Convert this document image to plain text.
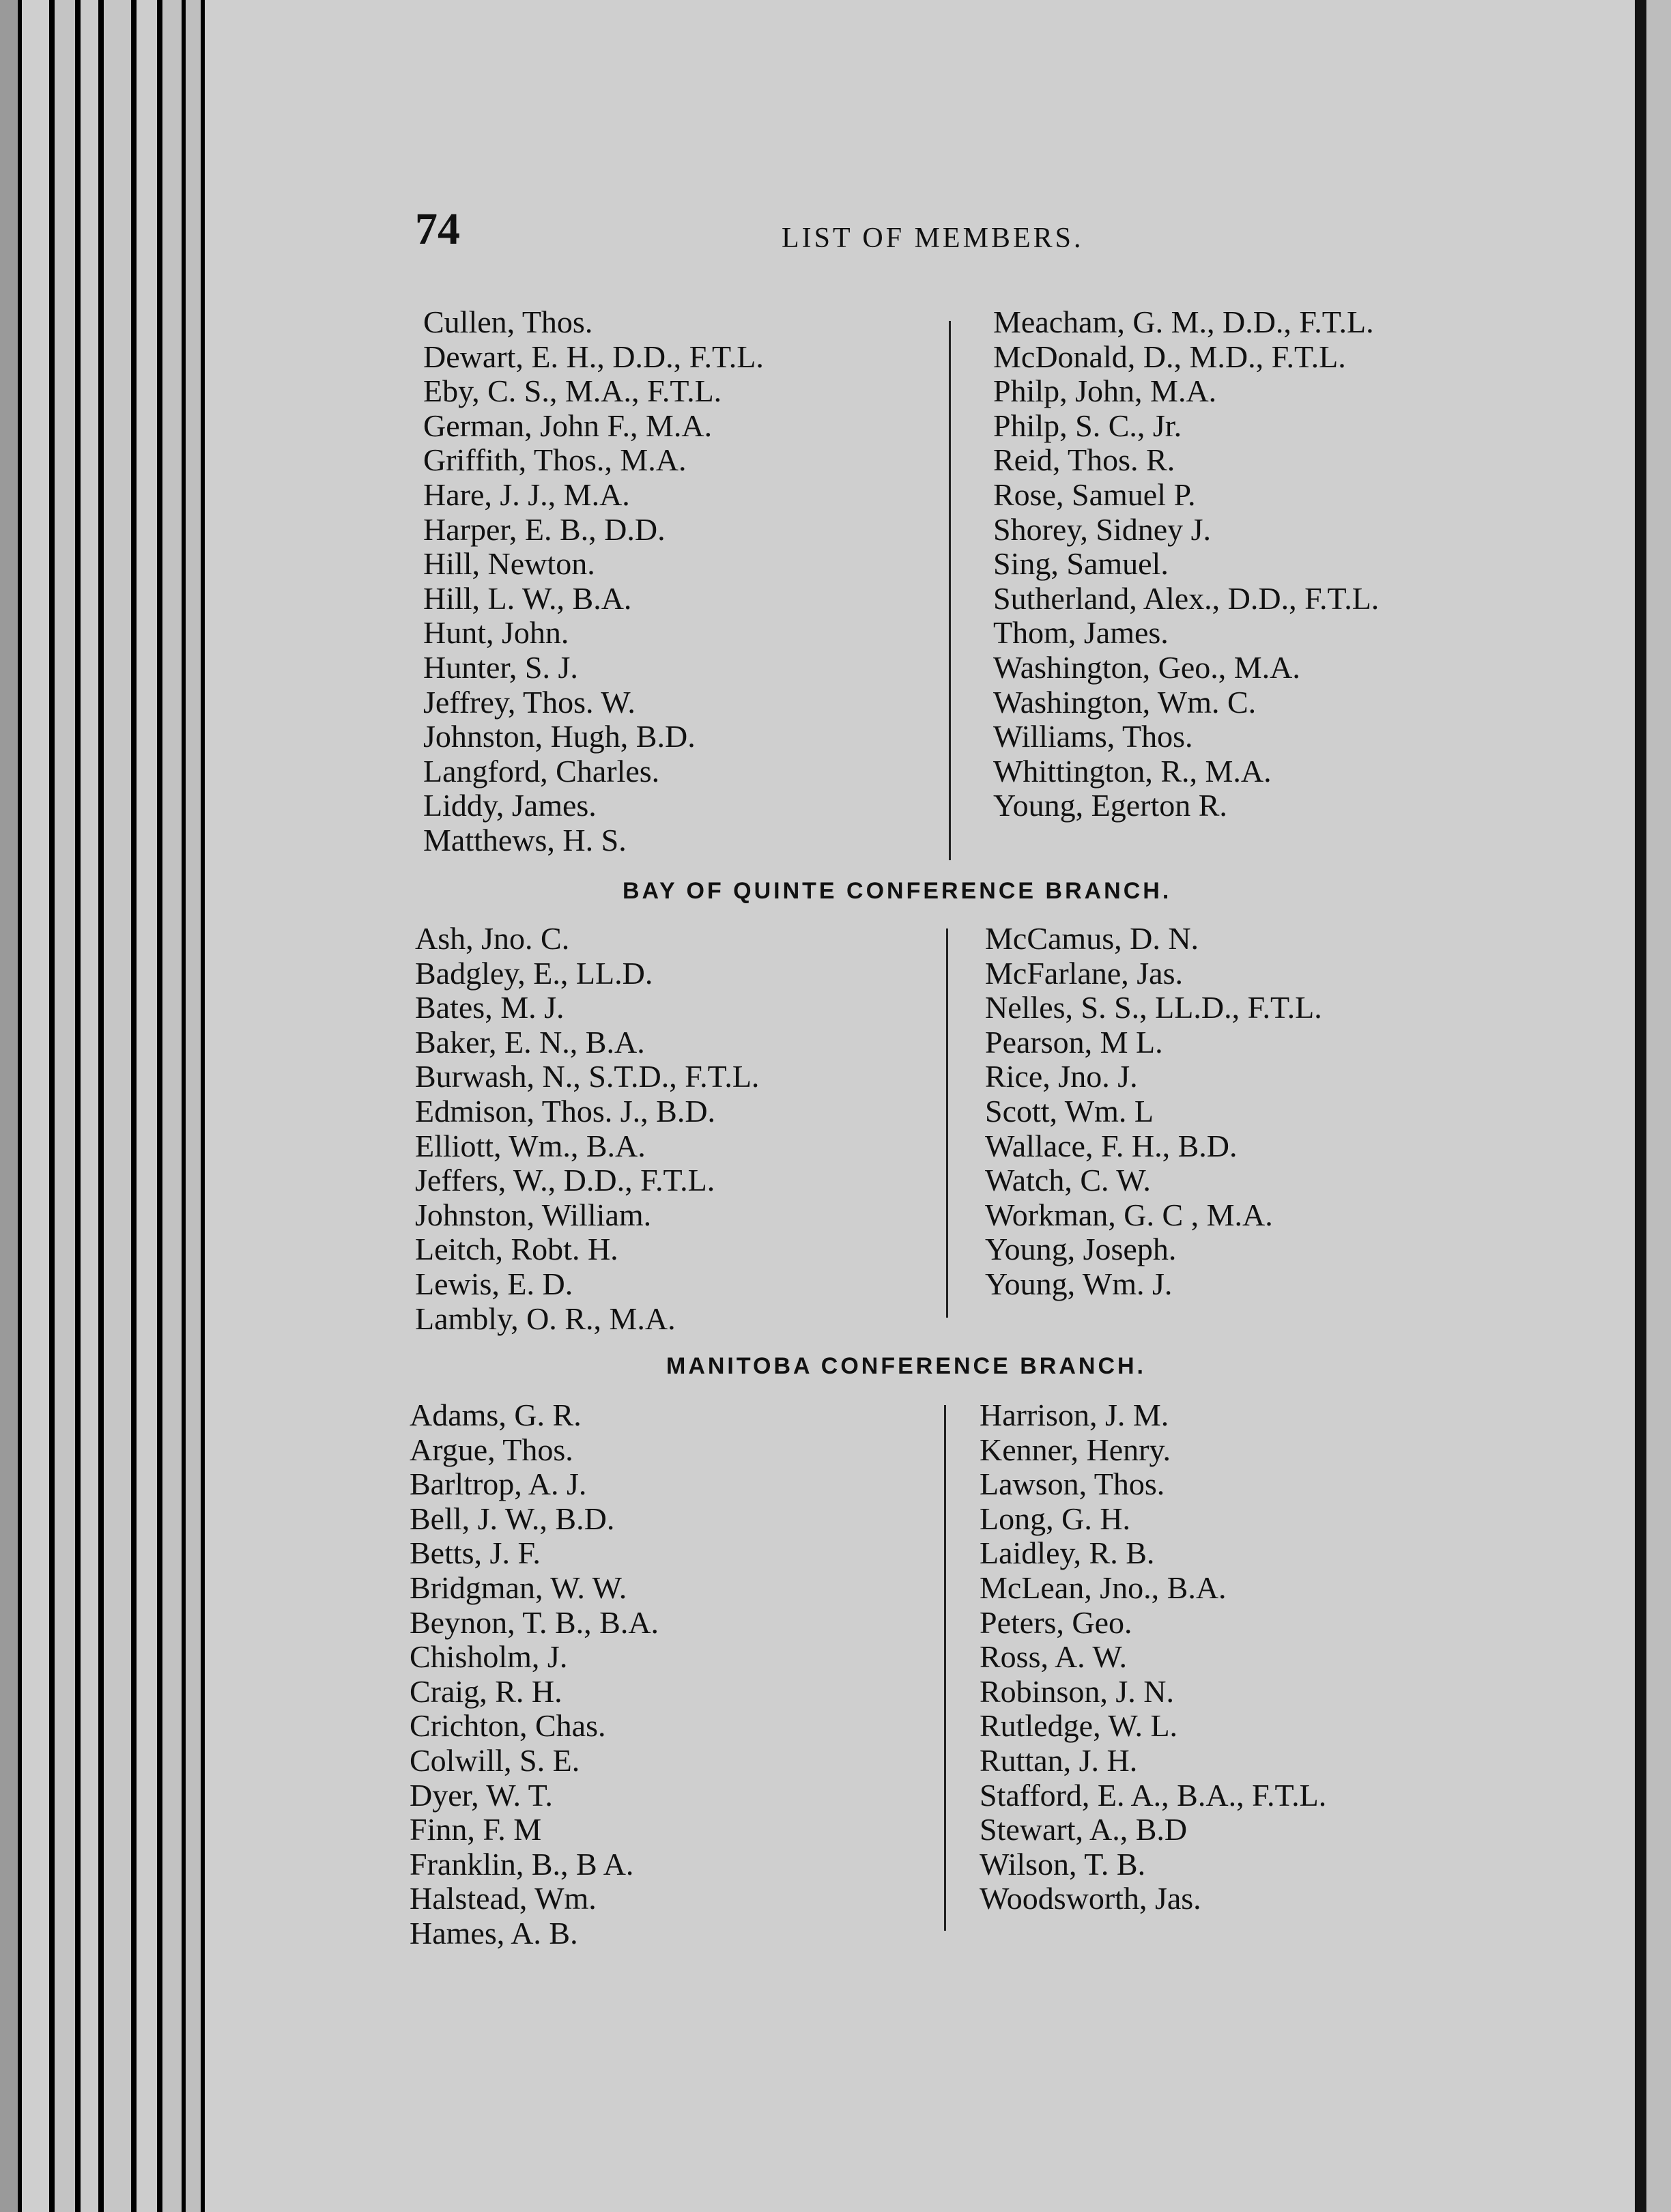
74	LIST OF MEMBERS.
Cullen, Thos.
Dewart, E. H., D.D., F.T.L.
Eby, C. S., M.A., F.T.L.
German, John F., M.A.
Griffith, Thos., M.A.
Hare, J. J., M.A.
Harper, E. B., D.D.
Hill, Newton.
Hill, L. W., B.A.
Hunt, John.
Hunter, S. J.
Jeffrey, Thos. W.
Johnston, Hugh, B.D.
Langford, Charles.
Liddy, James.
Matthews, H. S.
Meacham, G. M., D.D., F.T.L.
McDonald, D., M.D., F.T.L.
Philp, John, M.A.
Philp, S. C., Jr.
Reid, Thos. R.
Rose, Samuel P.
Shorey, Sidney J.
Sing, Samuel.
Sutherland, Alex., D.D., F.T.L.
Thom, James.
Washington, Geo., M.A.
Washington, Wm. C.
Williams, Thos.
Whittington, R., M.A.
Young, Egerton R.
BAY OF QUINTE CONFERENCE BRANCH.
Ash, Jno. C.
Badgley, E., LL.D.
Bates, M. J.
Baker, E. N., B.A.
Burwash, N., S.T.D., F.T.L.
Edmison, Thos. J., B.D.
Elliott, Wm., B.A.
Jeffers, W., D.D., F.T.L.
Johnston, William.
Leitch, Robt. H.
Lewis, E. D.
Lambly, O. R., M.A.
McCamus, D. N.
McFarlane, Jas.
Nelles, S. S., LL.D., F.T.L.
Pearson, M L.
Rice, Jno. J.
Scott, Wm. L
Wallace, F. H., B.D.
Watch, C. W.
Workman, G. C , M.A.
Young, Joseph.
Young, Wm. J.
MANITOBA CONFERENCE BRANCH.
Adams, G. R.
Argue, Thos.
Barltrop, A. J.
Bell, J. W., B.D.
Betts, J. F.
Bridgman, W. W.
Beynon, T. B., B.A.
Chisholm, J.
Craig, R. H.
Crichton, Chas.
Colwill, S. E.
Dyer, W. T.
Finn, F. M
Franklin, B., B A.
Halstead, Wm.
Hames, A. B.
Harrison, J. M.
Kenner, Henry.
Lawson, Thos.
Long, G. H.
Laidley, R. B.
McLean, Jno., B.A.
Peters, Geo.
Ross, A. W.
Robinson, J. N.
Rutledge, W. L.
Ruttan, J. H.
Stafford, E. A., B.A., F.T.L.
Stewart, A., B.D
Wilson, T. B.
Woodsworth, Jas.
